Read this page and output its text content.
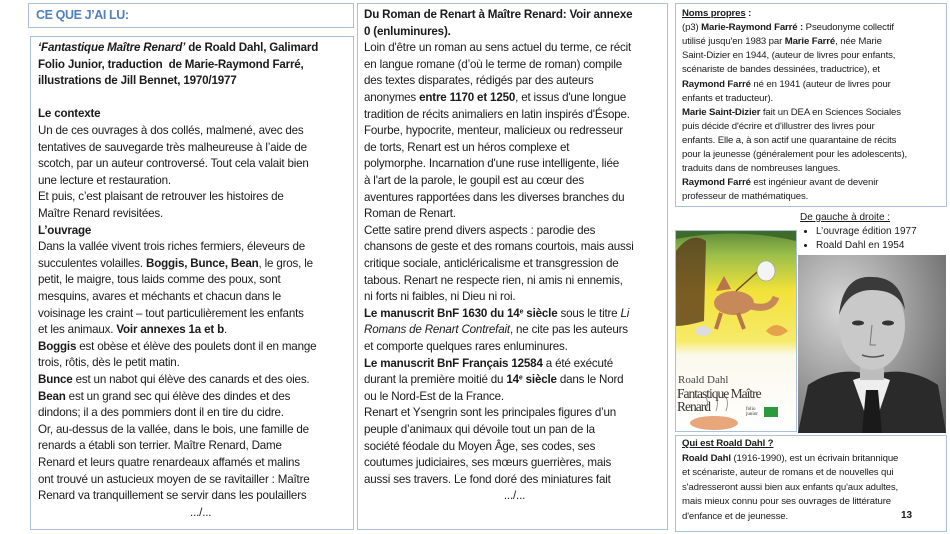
CE QUE J’AI LU:
‘Fantastique Maître Renard’ de Roald Dahl, Galimard
Folio Junior, traduction  de Marie-Raymond Farré,
illustrations de Jill Bennet, 1970/1977
Le contexte
Un de ces ouvrages à dos collés, malmené, avec des
tentatives de sauvegarde très malheureuse à l’aide de
scotch, par un auteur controversé. Tout cela valait bien
une lecture et restauration.
Et puis, c’est plaisant de retrouver les histoires de
Maître Renard revisitées.
L’ouvrage
Dans la vallée vivent trois riches fermiers, éleveurs de
succulentes volailles. Boggis, Bunce, Bean, le gros, le
petit, le maigre, tous laids comme des poux, sont
mesquins, avares et méchants et chacun dans le
voisinage les craint – tout particulièrement les enfants
et les animaux. Voir annexes 1a et b.
Boggis est obèse et élève des poulets dont il en mange
trois, rôtis, dès le petit matin.
Bunce est un nabot qui élève des canards et des oies.
Bean est un grand sec qui élève des dindes et des
dindons; il a des pommiers dont il en tire du cidre.
Or, au-dessus de la vallée, dans le bois, une famille de
renards a établi son terrier. Maître Renard, Dame
Renard et leurs quatre renardeaux affamés et malins
ont trouvé un astucieux moyen de se ravitailler : Maître
Renard va tranquillement se servir dans les poulaillers
.../...
Du Roman de Renart à Maître Renard: Voir annexe
0 (enluminures).
Loin d'être un roman au sens actuel du terme, ce récit
en langue romane (d’où le terme de roman) compile
des textes disparates, rédigés par des auteurs
anonymes entre 1170 et 1250, et issus d'une longue
tradition de récits animaliers en latin inspirés d'Ésope.
Fourbe, hypocrite, menteur, malicieux ou redresseur
de torts, Renart est un héros complexe et
polymorphe. Incarnation d'une ruse intelligente, liée
à l'art de la parole, le goupil est au cœur des
aventures rapportées dans les diverses branches du
Roman de Renart.
Cette satire prend divers aspects : parodie des
chansons de geste et des romans courtois, mais aussi
critique sociale, anticléricalisme et transgression de
tabous. Renart ne respecte rien, ni amis ni ennemis,
ni forts ni faibles, ni Dieu ni roi.
Le manuscrit BnF 1630 du 14e siècle sous le titre Li
Romans de Renart Contrefait, ne cite pas les auteurs
et comporte quelques rares enluminures.
Le manuscrit BnF Français 12584 a été exécuté
durant la première moitié du 14e siècle dans le Nord
ou le Nord-Est de la France.
Renart et Ysengrin sont les principales figures d’un
peuple d’animaux qui dévoile tout un pan de la
société féodale du Moyen Âge, ses codes, ses
coutumes judiciaires, ses mœurs guerrières, mais
aussi ses travers. Le fond doré des miniatures fait
.../...
Noms propres :
(p3) Marie-Raymond Farré : Pseudonyme collectif
utilisé jusqu'en 1983 par Marie Farré, née Marie
Saint-Dizier en 1944, (auteur de livres pour enfants,
scénariste de bandes dessinées, traductrice), et
Raymond Farré né en 1941 (auteur de livres pour
enfants et traducteur).
Marie Saint-Dizier fait un DEA en Sciences Sociales
puis décide d'écrire et d'illustrer des livres pour
enfants. Elle a, à son actif une quarantaine de récits
pour la jeunesse (généralement pour les adolescents),
traduits dans de nombreuses langues.
Raymond Farré est ingénieur avant de devenir
professeur de mathématiques.
De gauche à droite :
• L’ouvrage édition 1977
• Roald Dahl en 1954
Roald Dahl
Fantastique Maître
Renard	folio junior
Qui est Roald Dahl ?
Roald Dahl (1916-1990), est un écrivain britannique
et scénariste, auteur de romans et de nouvelles qui
s'adresseront aussi bien aux enfants qu'aux adultes,
mais mieux connu pour ses ouvrages de littérature
d'enfance et de jeunesse.	13
